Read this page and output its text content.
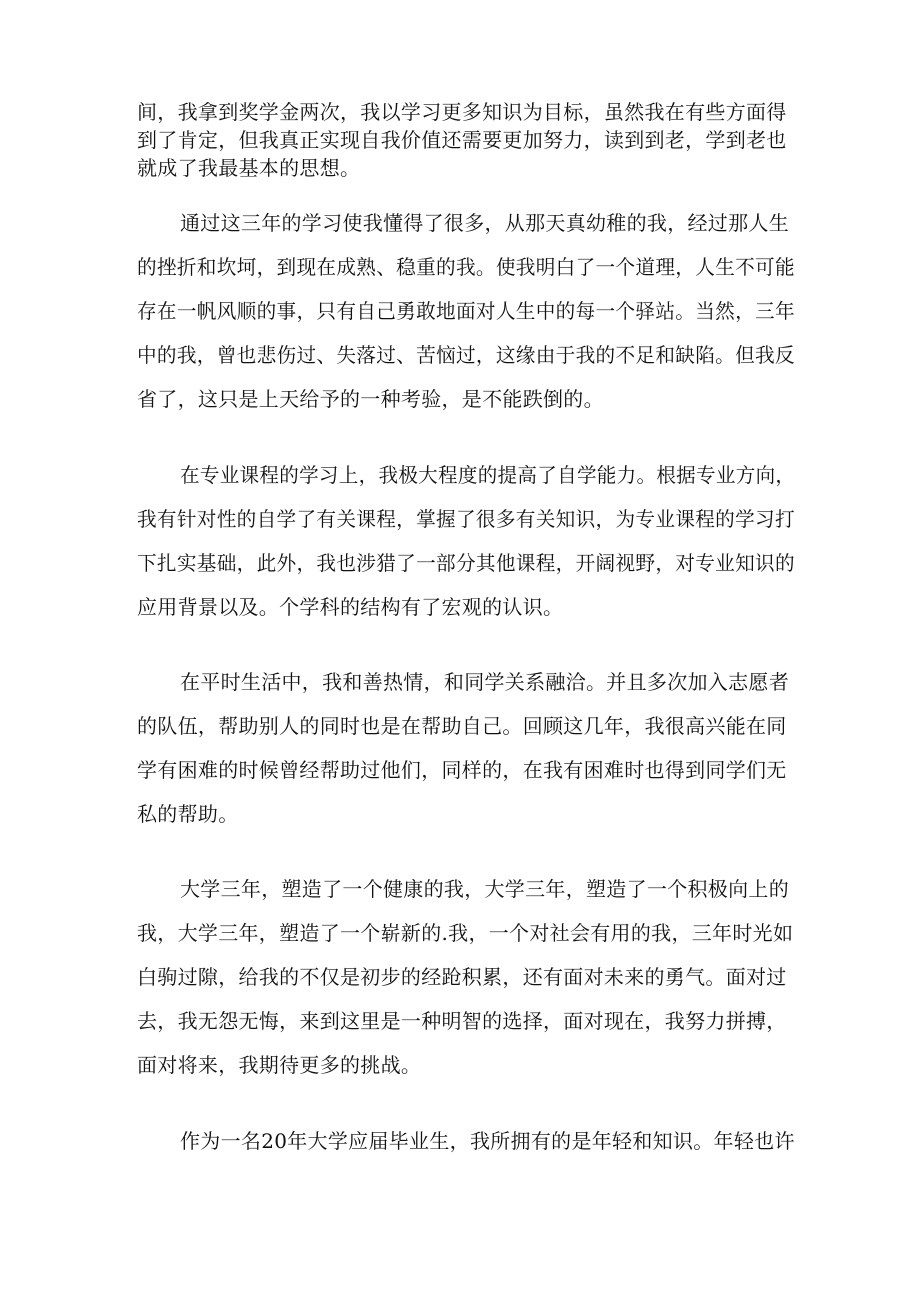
间，我拿到奖学金两次，我以学习更多知识为目标，虽然我在有些方面得
到了肯定，但我真正实现自我价值还需要更加努力，读到到老，学到老也
就成了我最基本的思想。
通过这三年的学习使我懂得了很多，从那天真幼稚的我，经过那人生
的挫折和坎坷，到现在成熟、稳重的我。使我明白了一个道理，人生不可能
存在一帆风顺的事，只有自己勇敢地面对人生中的每一个驿站。当然，三年
中的我，曾也悲伤过、失落过、苦恼过，这缘由于我的不足和缺陷。但我反
省了，这只是上天给予的一种考验，是不能跌倒的。
在专业课程的学习上，我极大程度的提高了自学能力。根据专业方向，
我有针对性的自学了有关课程，掌握了很多有关知识，为专业课程的学习打
下扎实基础，此外，我也涉猎了一部分其他课程，开阔视野，对专业知识的
应用背景以及。个学科的结构有了宏观的认识。
在平时生活中，我和善热情，和同学关系融洽。并且多次加入志愿者
的队伍，帮助别人的同时也是在帮助自己。回顾这几年，我很高兴能在同
学有困难的时候曾经帮助过他们，同样的，在我有困难时也得到同学们无
私的帮助。
大学三年，塑造了一个健康的我，大学三年，塑造了一个积极向上的
我，大学三年，塑造了一个崭新的.我，一个对社会有用的我，三年时光如
白驹过隙，给我的不仅是初步的经跄积累，还有面对未来的勇气。面对过
去，我无怨无悔，来到这里是一种明智的选择，面对现在，我努力拼搏，
面对将来，我期待更多的挑战。
作为一名20年大学应届毕业生，我所拥有的是年轻和知识。年轻也许
